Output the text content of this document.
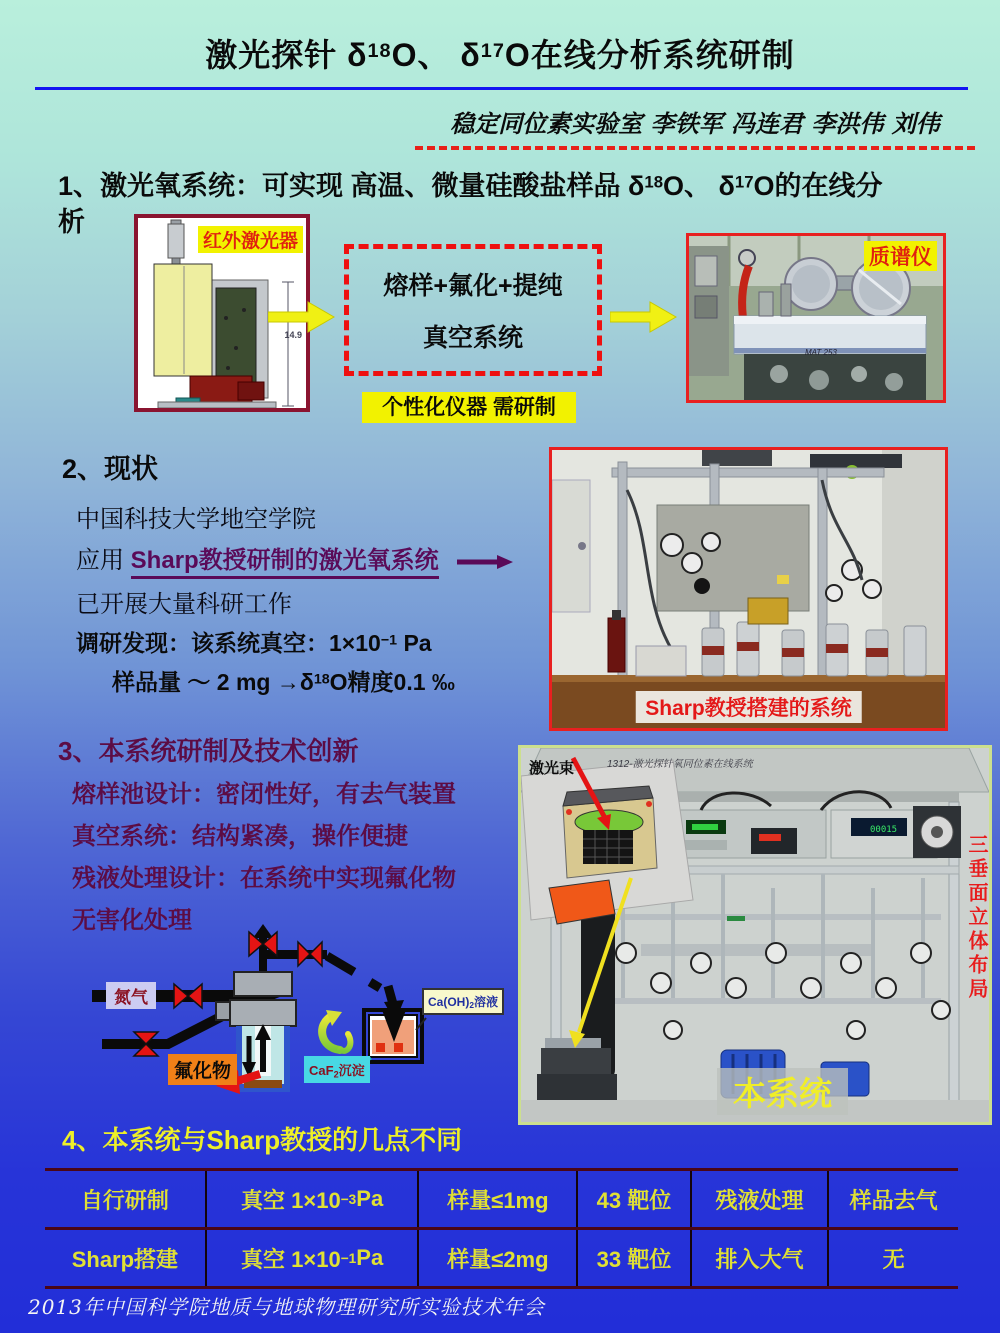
激光探针 $\delta^{18}O$、 $\delta^{17}O$在线分析系统研制
稳定同位素实验室 李铁军 冯连君 李洪伟 刘伟
1、激光氧系统：可实现 高温、微量硅酸盐样品 $\delta^{18}O$、 $\delta^{17}O$的在线分析
红外激光器
14.9
熔样+氟化+提纯
真空系统
质谱仪
MAT 253
个性化仪器 需研制
2、现状
中国科技大学地空学院
应用 Sharp教授研制的激光氧系统
已开展大量科研工作
调研发现：该系统真空：$1\times 10^{-1}$ Pa
样品量 ～ 2 mg $\to\delta^{18}O$精度0.1 ‰
Sharp教授搭建的系统
3、本系统研制及技术创新
熔样池设计：密闭性好，有去气装置
真空系统：结构紧凑，操作便捷
残液处理设计：在系统中实现氟化物
无害化处理
氮气
氟化物
$Ca(OH)_2$溶液
CaF$_2$沉淀
1312-激光探针氧同位素在线系统
激光束
00015
三垂面立体布局
本系统
4、本系统与Sharp教授的几点不同
自行研制	真空 1×10 −3 Pa	样量≤1mg	43 靶位	残液处理	样品去气
Sharp搭建	真空 1×10 −1 Pa	样量≤2mg	33 靶位	排入大气	无
2013年中国科学院地质与地球物理研究所实验技术年会
